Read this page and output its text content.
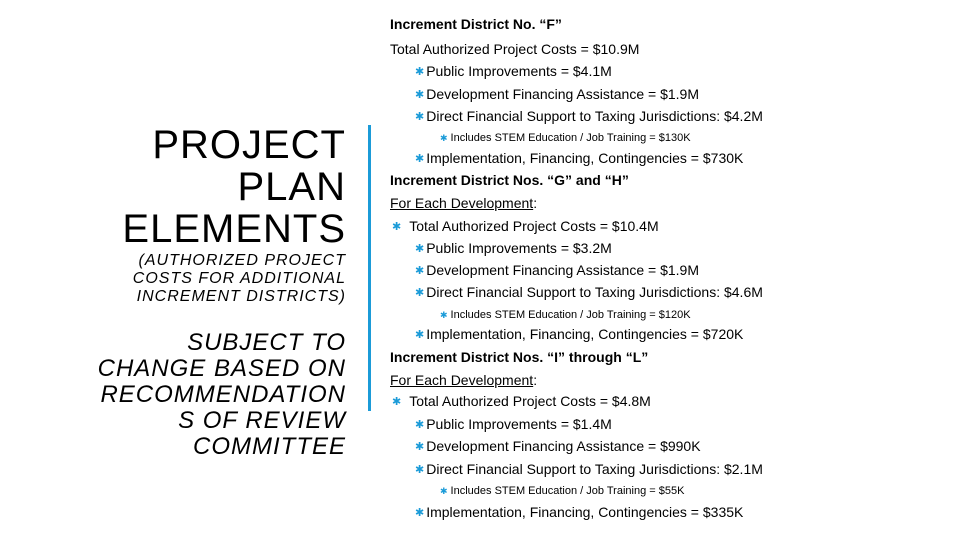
PROJECT
PLAN
ELEMENTS
(AUTHORIZED PROJECT
COSTS FOR ADDITIONAL
INCREMENT DISTRICTS)
SUBJECT TO
CHANGE BASED ON
RECOMMENDATION
S OF REVIEW
COMMITTEE
Increment District No. “F”
Total Authorized Project Costs = $10.9M
✱ Public Improvements = $4.1M
✱ Development Financing Assistance = $1.9M
✱ Direct Financial Support to Taxing Jurisdictions: $4.2M
✱ Includes STEM Education / Job Training = $130K
✱ Implementation, Financing, Contingencies = $730K
Increment District Nos. “G” and “H”
For Each Development:
✱ Total Authorized Project Costs = $10.4M
✱ Public Improvements = $3.2M
✱ Development Financing Assistance = $1.9M
✱ Direct Financial Support to Taxing Jurisdictions: $4.6M
✱ Includes STEM Education / Job Training = $120K
✱ Implementation, Financing, Contingencies = $720K
Increment District Nos. “I” through “L”
For Each Development:
✱ Total Authorized Project Costs = $4.8M
✱ Public Improvements = $1.4M
✱ Development Financing Assistance = $990K
✱ Direct Financial Support to Taxing Jurisdictions: $2.1M
✱ Includes STEM Education / Job Training = $55K
✱ Implementation, Financing, Contingencies = $335K
